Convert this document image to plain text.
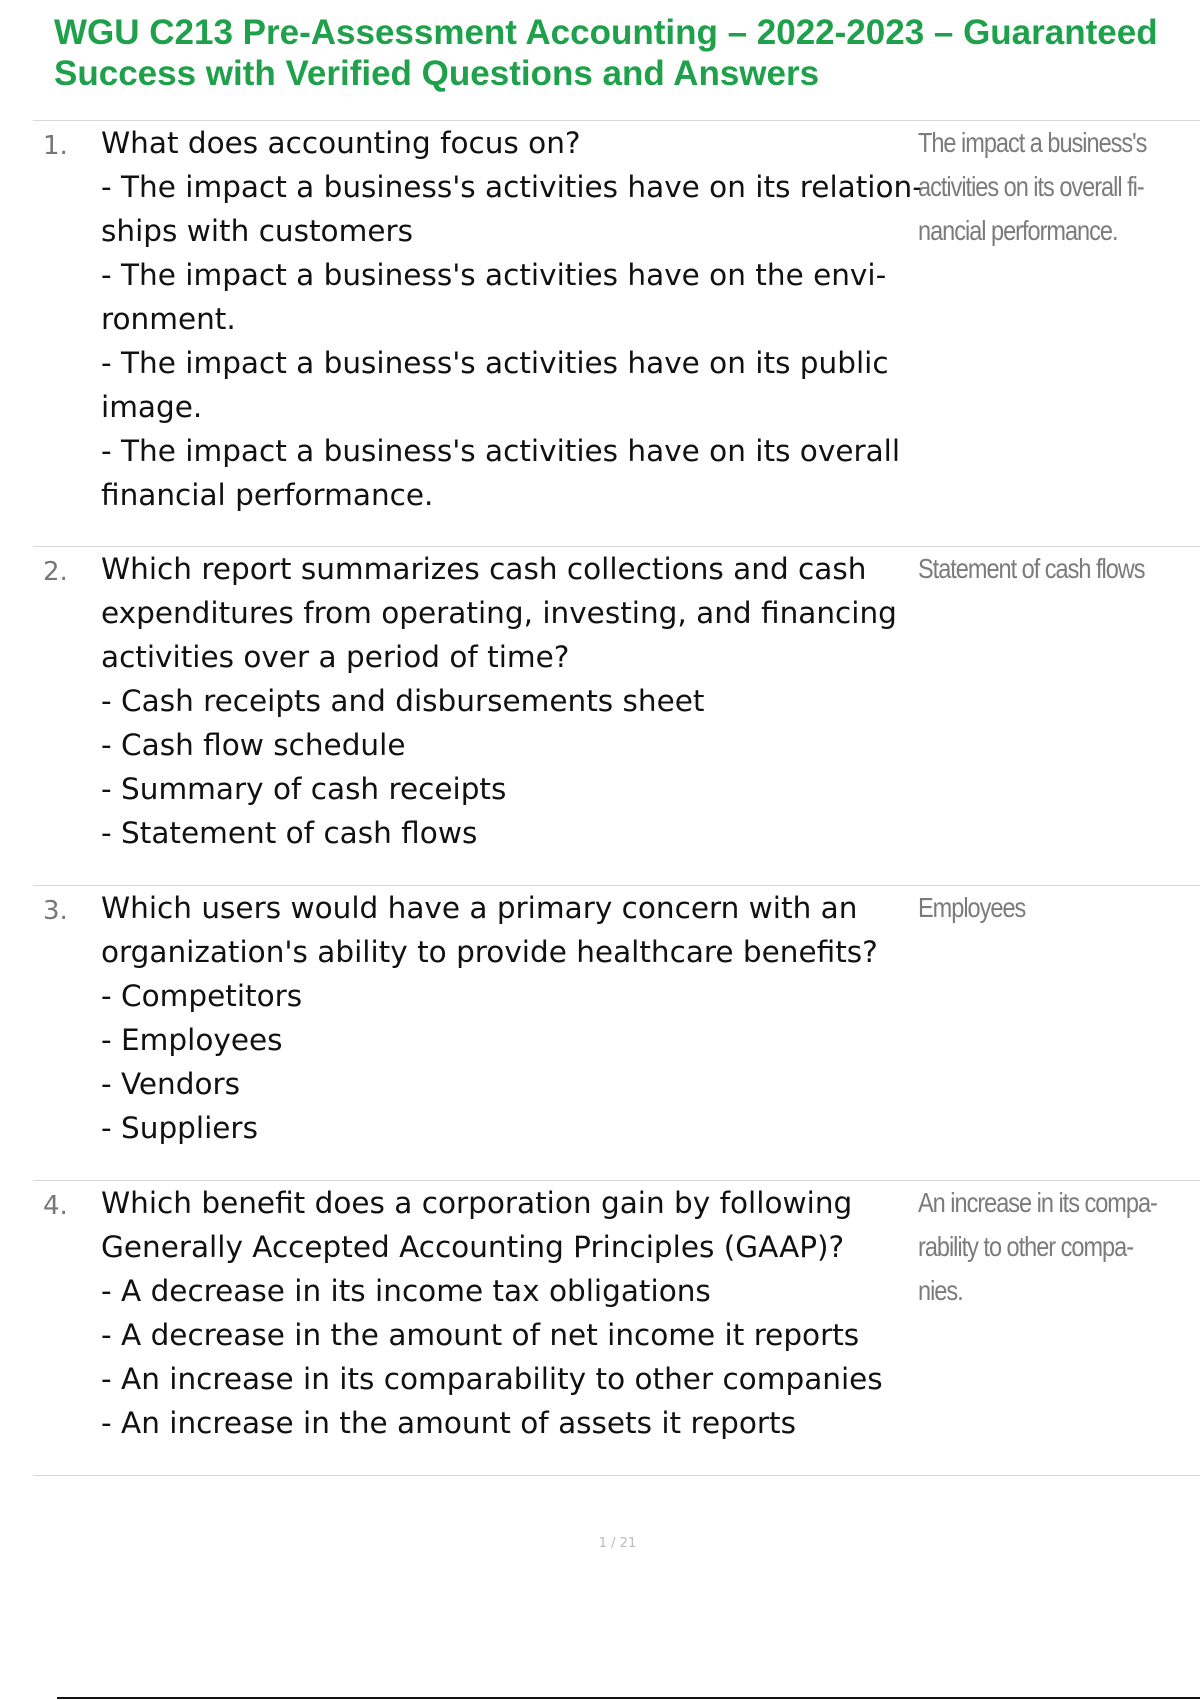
WGU C213 Pre-Assessment Accounting – 2022-2023 – Guaranteed Success with Verified Questions and Answers
1. What does accounting focus on?
- The impact a business's activities have on its relation-
ships with customers
- The impact a business's activities have on the envi-
ronment.
- The impact a business's activities have on its public
image.
- The impact a business's activities have on its overall
financial performance.
The impact a business's
activities on its overall fi-
nancial performance.
2. Which report summarizes cash collections and cash
expenditures from operating, investing, and financing
activities over a period of time?
- Cash receipts and disbursements sheet
- Cash flow schedule
- Summary of cash receipts
- Statement of cash flows
Statement of cash flows
3. Which users would have a primary concern with an
organization's ability to provide healthcare benefits?
- Competitors
- Employees
- Vendors
- Suppliers
Employees
4. Which benefit does a corporation gain by following
Generally Accepted Accounting Principles (GAAP)?
- A decrease in its income tax obligations
- A decrease in the amount of net income it reports
- An increase in its comparability to other companies
- An increase in the amount of assets it reports
An increase in its compa-
rability to other compa-
nies.
1 / 21
